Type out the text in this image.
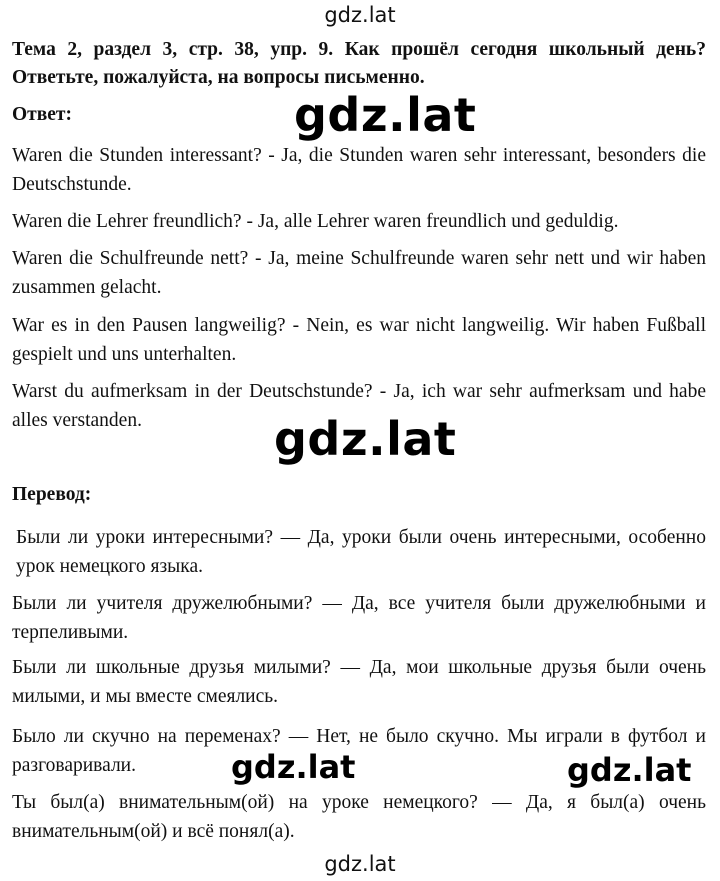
gdz.lat
Тема 2, раздел 3, стр. 38, упр. 9. Как прошёл сегодня школьный день? Ответьте, пожалуйста, на вопросы письменно.
Ответ:	gdz.lat
Waren die Stunden interessant? - Ja, die Stunden waren sehr interessant, besonders die Deutschstunde.
Waren die Lehrer freundlich? - Ja, alle Lehrer waren freundlich und geduldig.
Waren die Schulfreunde nett? - Ja, meine Schulfreunde waren sehr nett und wir haben zusammen gelacht.
War es in den Pausen langweilig? - Nein, es war nicht langweilig. Wir haben Fußball gespielt und uns unterhalten.
Warst du aufmerksam in der Deutschstunde? - Ja, ich war sehr aufmerksam und habe alles verstanden.	gdz.lat
Перевод:
Были ли уроки интересными? — Да, уроки были очень интересными, особенно урок немецкого языка.
Были ли учителя дружелюбными? — Да, все учителя были дружелюбными и терпеливыми.
Были ли школьные друзья милыми? — Да, мои школьные друзья были очень милыми, и мы вместе смеялись.
Было ли скучно на переменах? — Нет, не было скучно. Мы играли в футбол и разговаривали.
Ты был(а) внимательным(ой) на уроке немецкого? — Да, я был(а) очень внимательным(ой) и всё понял(а).
gdz.lat	gdz.lat
gdz.lat
